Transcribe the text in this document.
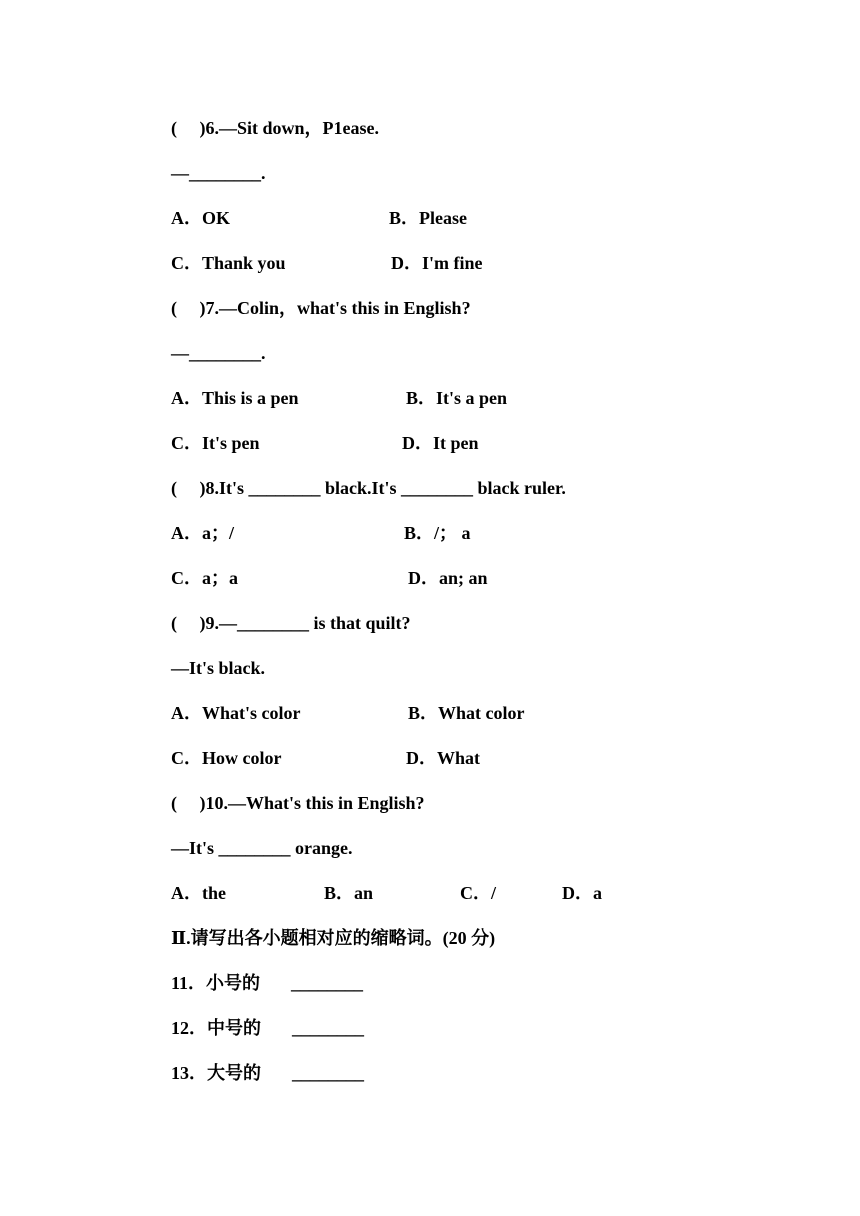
(     )6.—Sit down，P1ease.
—________.
A．OK	B．Please
C．Thank you	D．I'm fine
(     )7.—Colin，what's this in English?
—________.
A．This is a pen	B．It's a pen
C．It's pen	D．It pen
(     )8.It's ________ black.It's ________ black ruler.
A．a；/	B．/； a
C．a；a	D．an; an
(     )9.—________ is that quilt?
—It's black.
A．What's color	B．What color
C．How color	D．What
(     )10.—What's this in English?
—It's ________ orange.
A．the	B．an	C．/	D．a
Ⅱ.请写出各小题相对应的缩略词。(20 分)
11．小号的 ________
12．中号的 ________
13．大号的 ________
